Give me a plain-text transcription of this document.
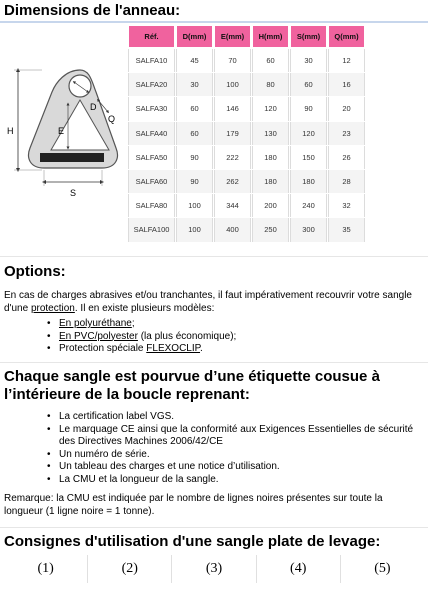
Dimensions de l'anneau:
H	E
D
Q
S
Réf.	D(mm)	E(mm)	H(mm)	S(mm)	Q(mm)
SALFA10	45	70	60	30	12
SALFA20	30	100	80	60	16
SALFA30	60	146	120	90	20
SALFA40	60	179	130	120	23
SALFA50	90	222	180	150	26
SALFA60	90	262	180	180	28
SALFA80	100	344	200	240	32
SALFA100	100	400	250	300	35
Options:

En cas de charges abrasives et/ou tranchantes, il faut impérativement recouvrir votre sangle d'une protection. Il en existe plusieurs modèles:

• En polyuréthane;
• En PVC/polyester (la plus économique);
• Protection spéciale FLEXOCLIP.
Chaque sangle est pourvue d’une étiquette cousue à l’intérieure de la boucle reprenant:
• La certification label VGS.
• Le marquage CE ainsi que la conformité aux Exigences Essentielles de sécurité des Directives Machines 2006/42/CE
• Un numéro de série.
• Un tableau des charges et une notice d’utilisation.
• La CMU et la longueur de la sangle.

Remarque: la CMU est indiquée par le nombre de lignes noires présentes sur toute la longueur (1 ligne noire = 1 tonne).

Consignes d'utilisation d'une sangle plate de levage:
(1)	(2)	(3)	(4)	(5)
